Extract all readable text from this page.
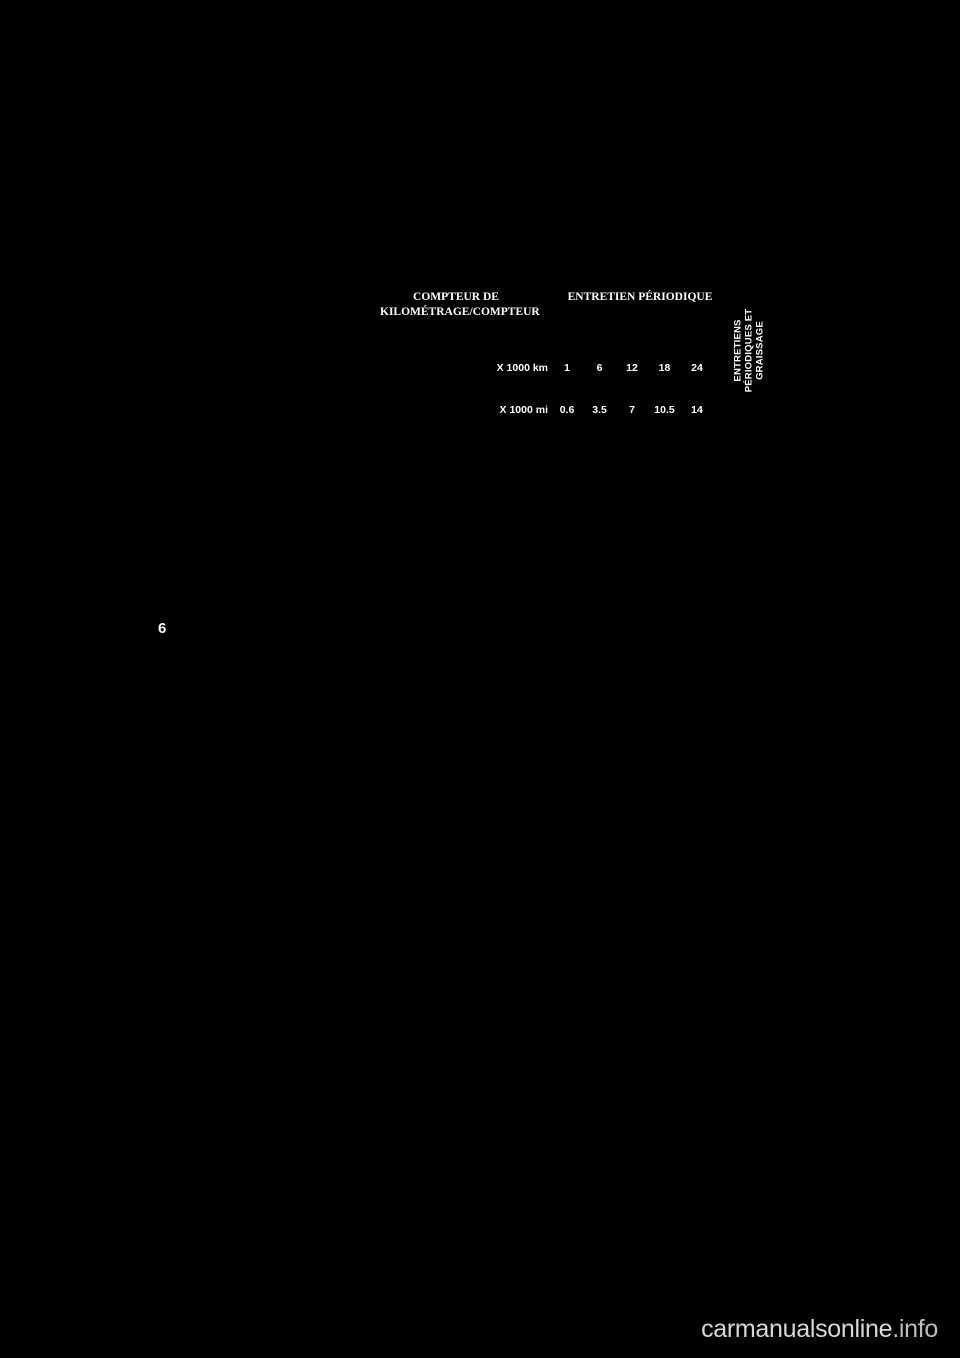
6
COMPTEUR DE
KILOMÉTRAGE/COMPTEUR
ENTRETIEN PÉRIODIQUE
X 1000 km	1	6	12	18	24
X 1000 mi	0.6	3.5	7	10.5	14
ENTRETIENS PÉRIODIQUES ET GRAISSAGE
carmanualsonline.info
